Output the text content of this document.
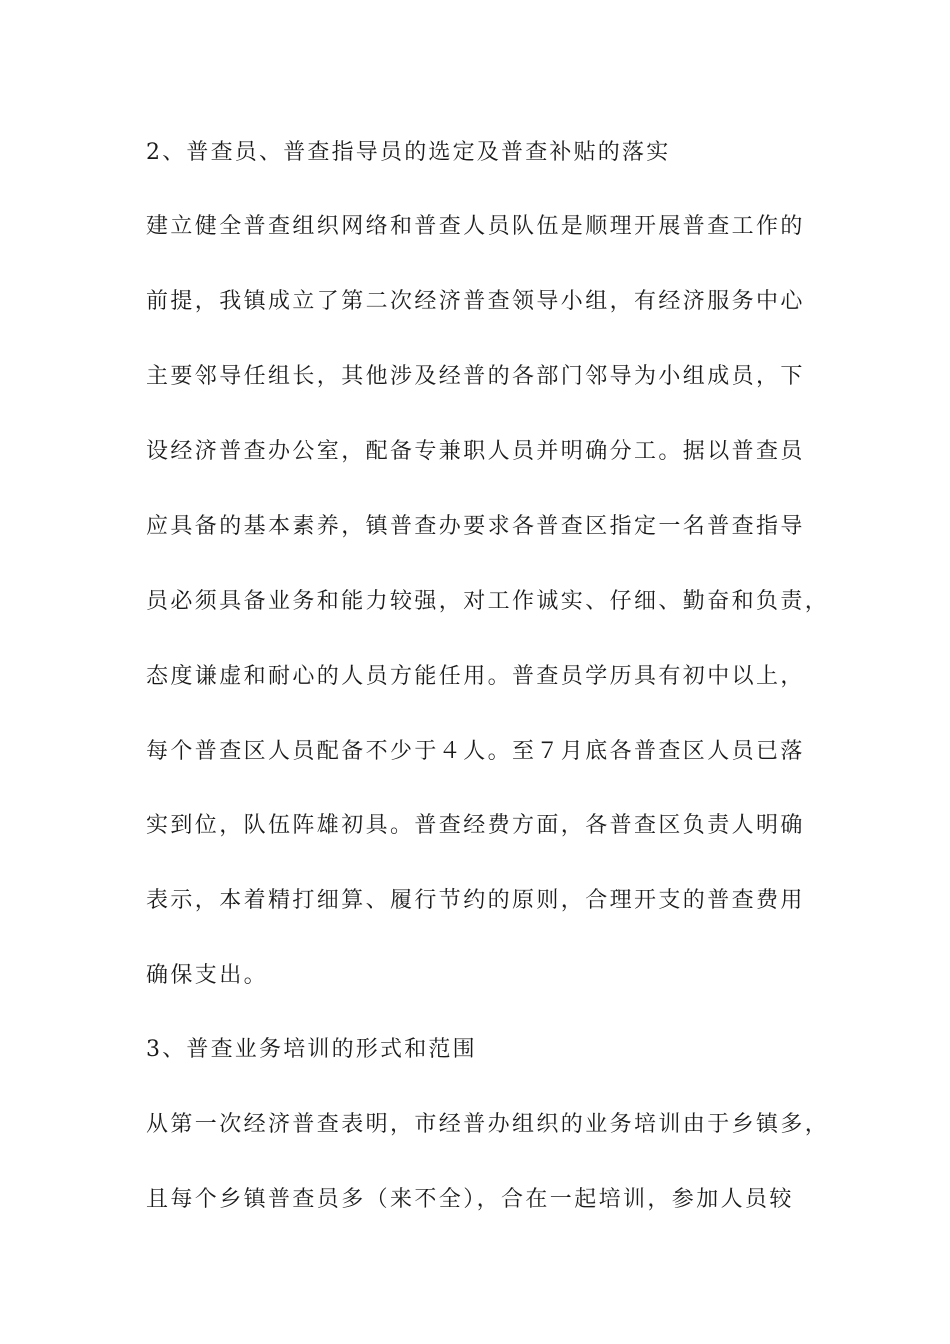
2、普查员、普查指导员的选定及普查补贴的落实
建立健全普查组织网络和普查人员队伍是顺理开展普查工作的
前提，我镇成立了第二次经济普查领导小组，有经济服务中心
主要邻导任组长，其他涉及经普的各部门邻导为小组成员，下
设经济普查办公室，配备专兼职人员并明确分工。据以普查员
应具备的基本素养，镇普查办要求各普查区指定一名普查指导
员必须具备业务和能力较强，对工作诚实、仔细、勤奋和负责，
态度谦虚和耐心的人员方能任用。普查员学历具有初中以上，
每个普查区人员配备不少于４人。至７月底各普查区人员已落
实到位，队伍阵雄初具。普查经费方面，各普查区负责人明确
表示，本着精打细算、履行节约的原则，合理开支的普查费用
确保支出。
3、普查业务培训的形式和范围
从第一次经济普查表明，市经普办组织的业务培训由于乡镇多，
且每个乡镇普查员多（来不全），合在一起培训，参加人员较
